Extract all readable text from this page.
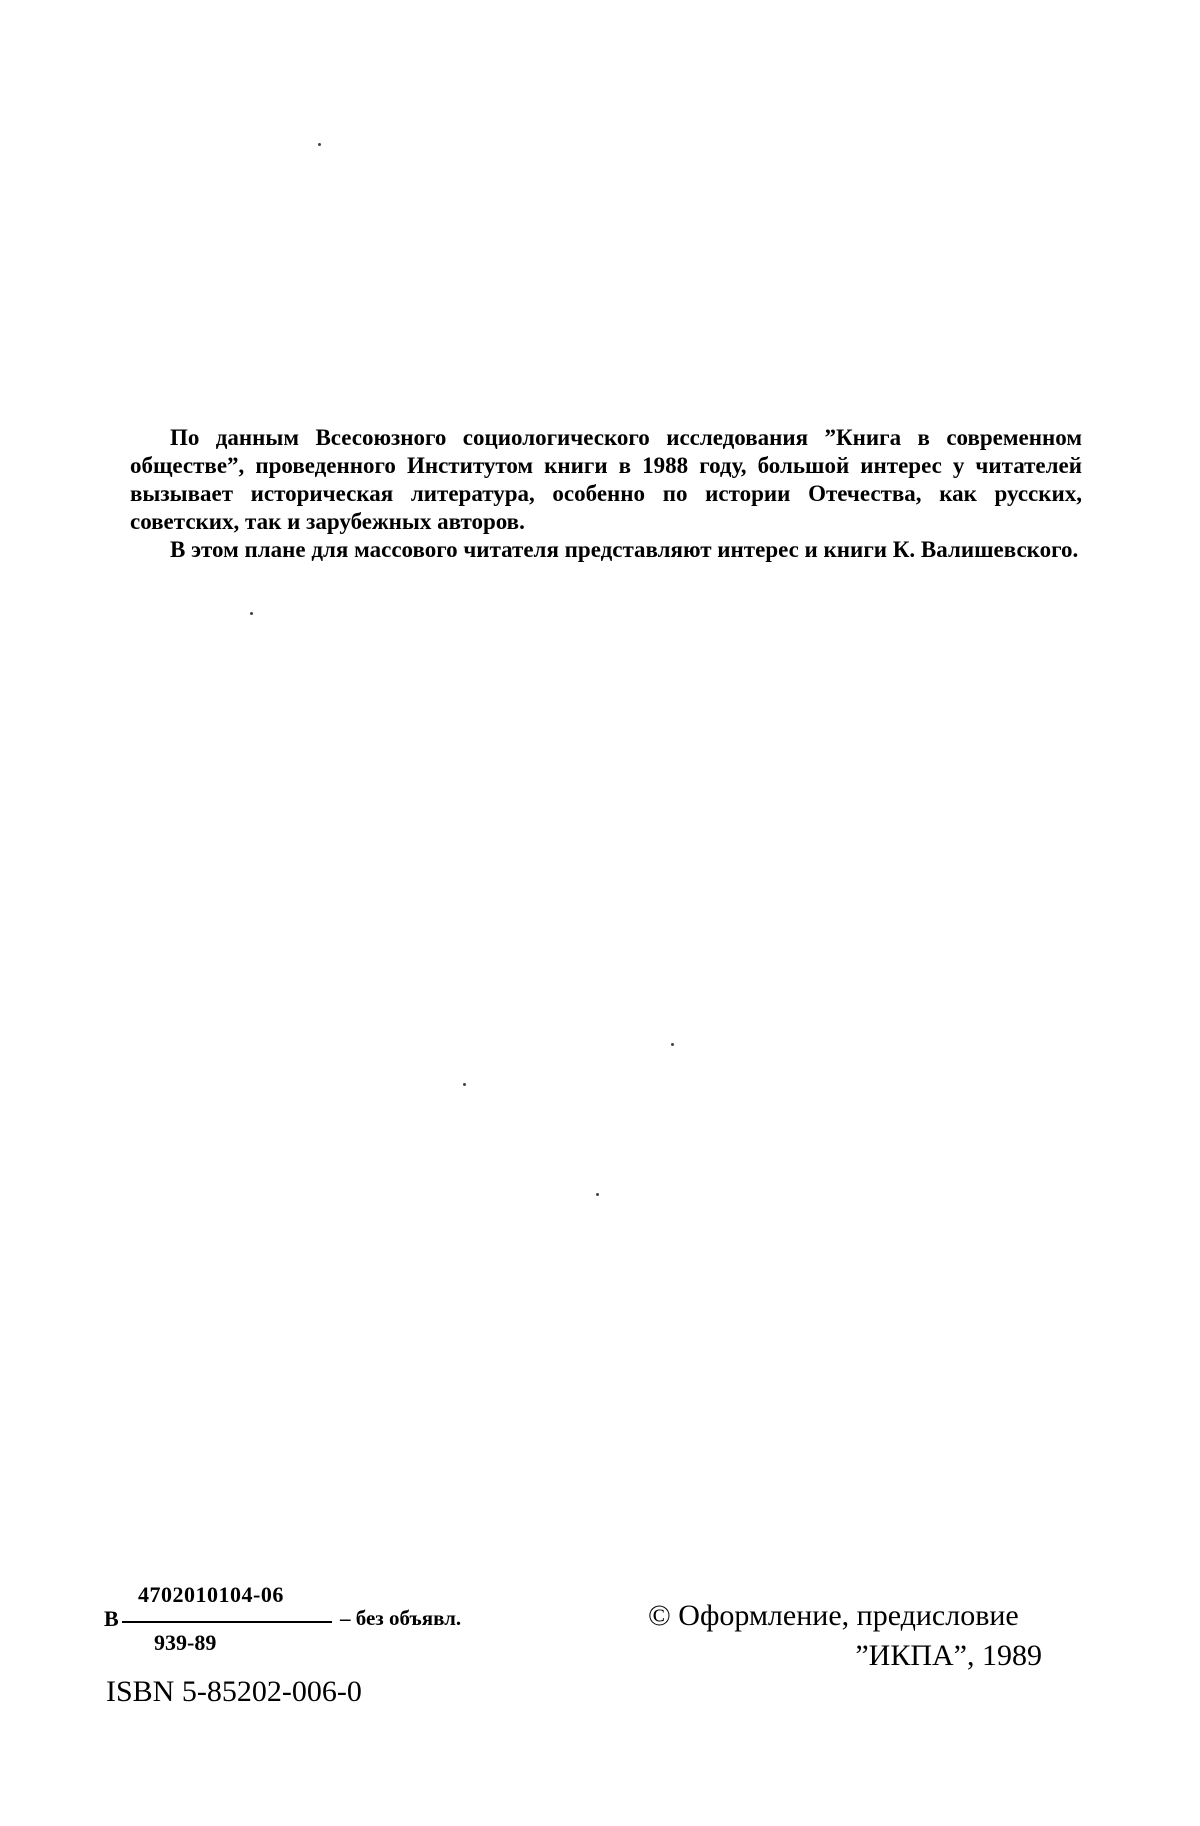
По данным Всесоюзного социологического исследования ”Книга в современном обществе”, проведенного Институтом книги в 1988 году, большой интерес у читателей вызывает историческая литература, особенно по истории Отечества, как русских, советских, так и зарубежных авторов.

В этом плане для массового читателя представляют интерес и книги К. Валишевского.

В
4702010104-06
939-89
– без объявл.
ISBN 5-85202-006-0
© Оформление, предисловие
”ИКПА”, 1989
